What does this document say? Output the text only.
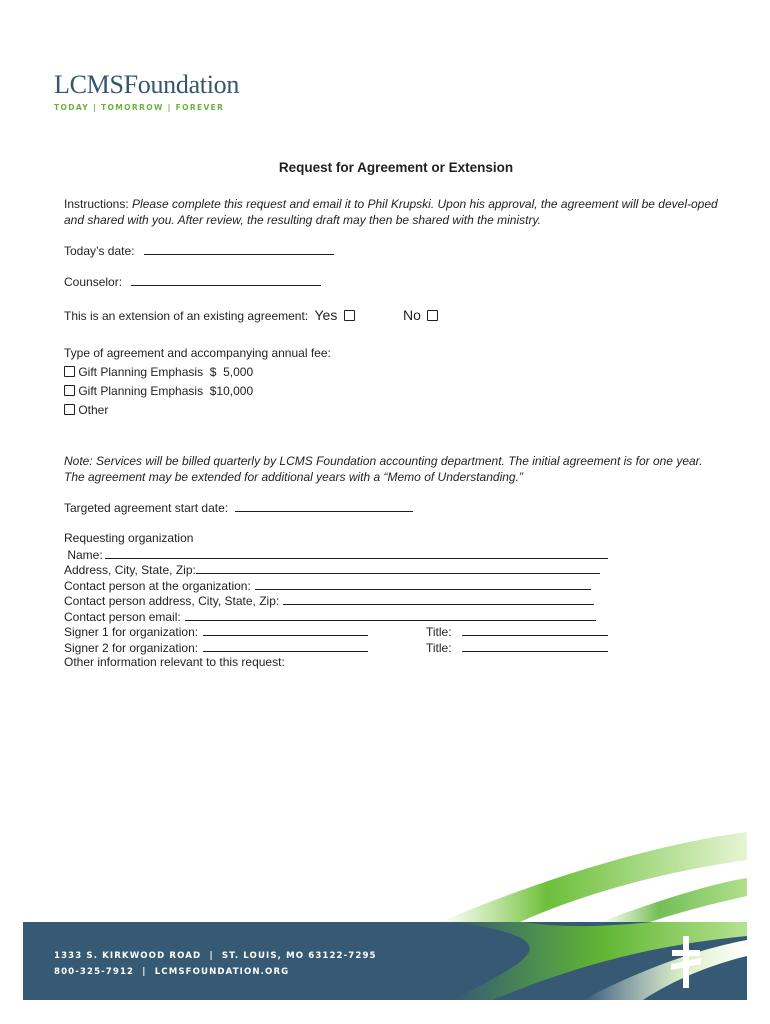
LCMSFoundation
TODAY | TOMORROW | FOREVER
Request for Agreement or Extension
Instructions: Please complete this request and email it to Phil Krupski. Upon his approval, the agreement will be devel-oped and shared with you. After review, the resulting draft may then be shared with the ministry.
Today’s date:
Counselor:
This is an extension of an existing agreement: Yes	No
Type of agreement and accompanying annual fee:
Gift Planning Emphasis  $  5,000
Gift Planning Emphasis  $10,000
Other
Note: Services will be billed quarterly by LCMS Foundation accounting department. The initial agreement is for one year. The agreement may be extended for additional years with a “Memo of Understanding.”
Targeted agreement start date:
Requesting organization
Name:
Address, City, State, Zip:
Contact person at the organization:
Contact person address, City, State, Zip:
Contact person email:
Signer 1 for organization:	Title:
Signer 2 for organization:	Title:
Other information relevant to this request:
1333 S. KIRKWOOD ROAD  |  ST. LOUIS, MO 63122-7295
800-325-7912  |  LCMSFOUNDATION.ORG
